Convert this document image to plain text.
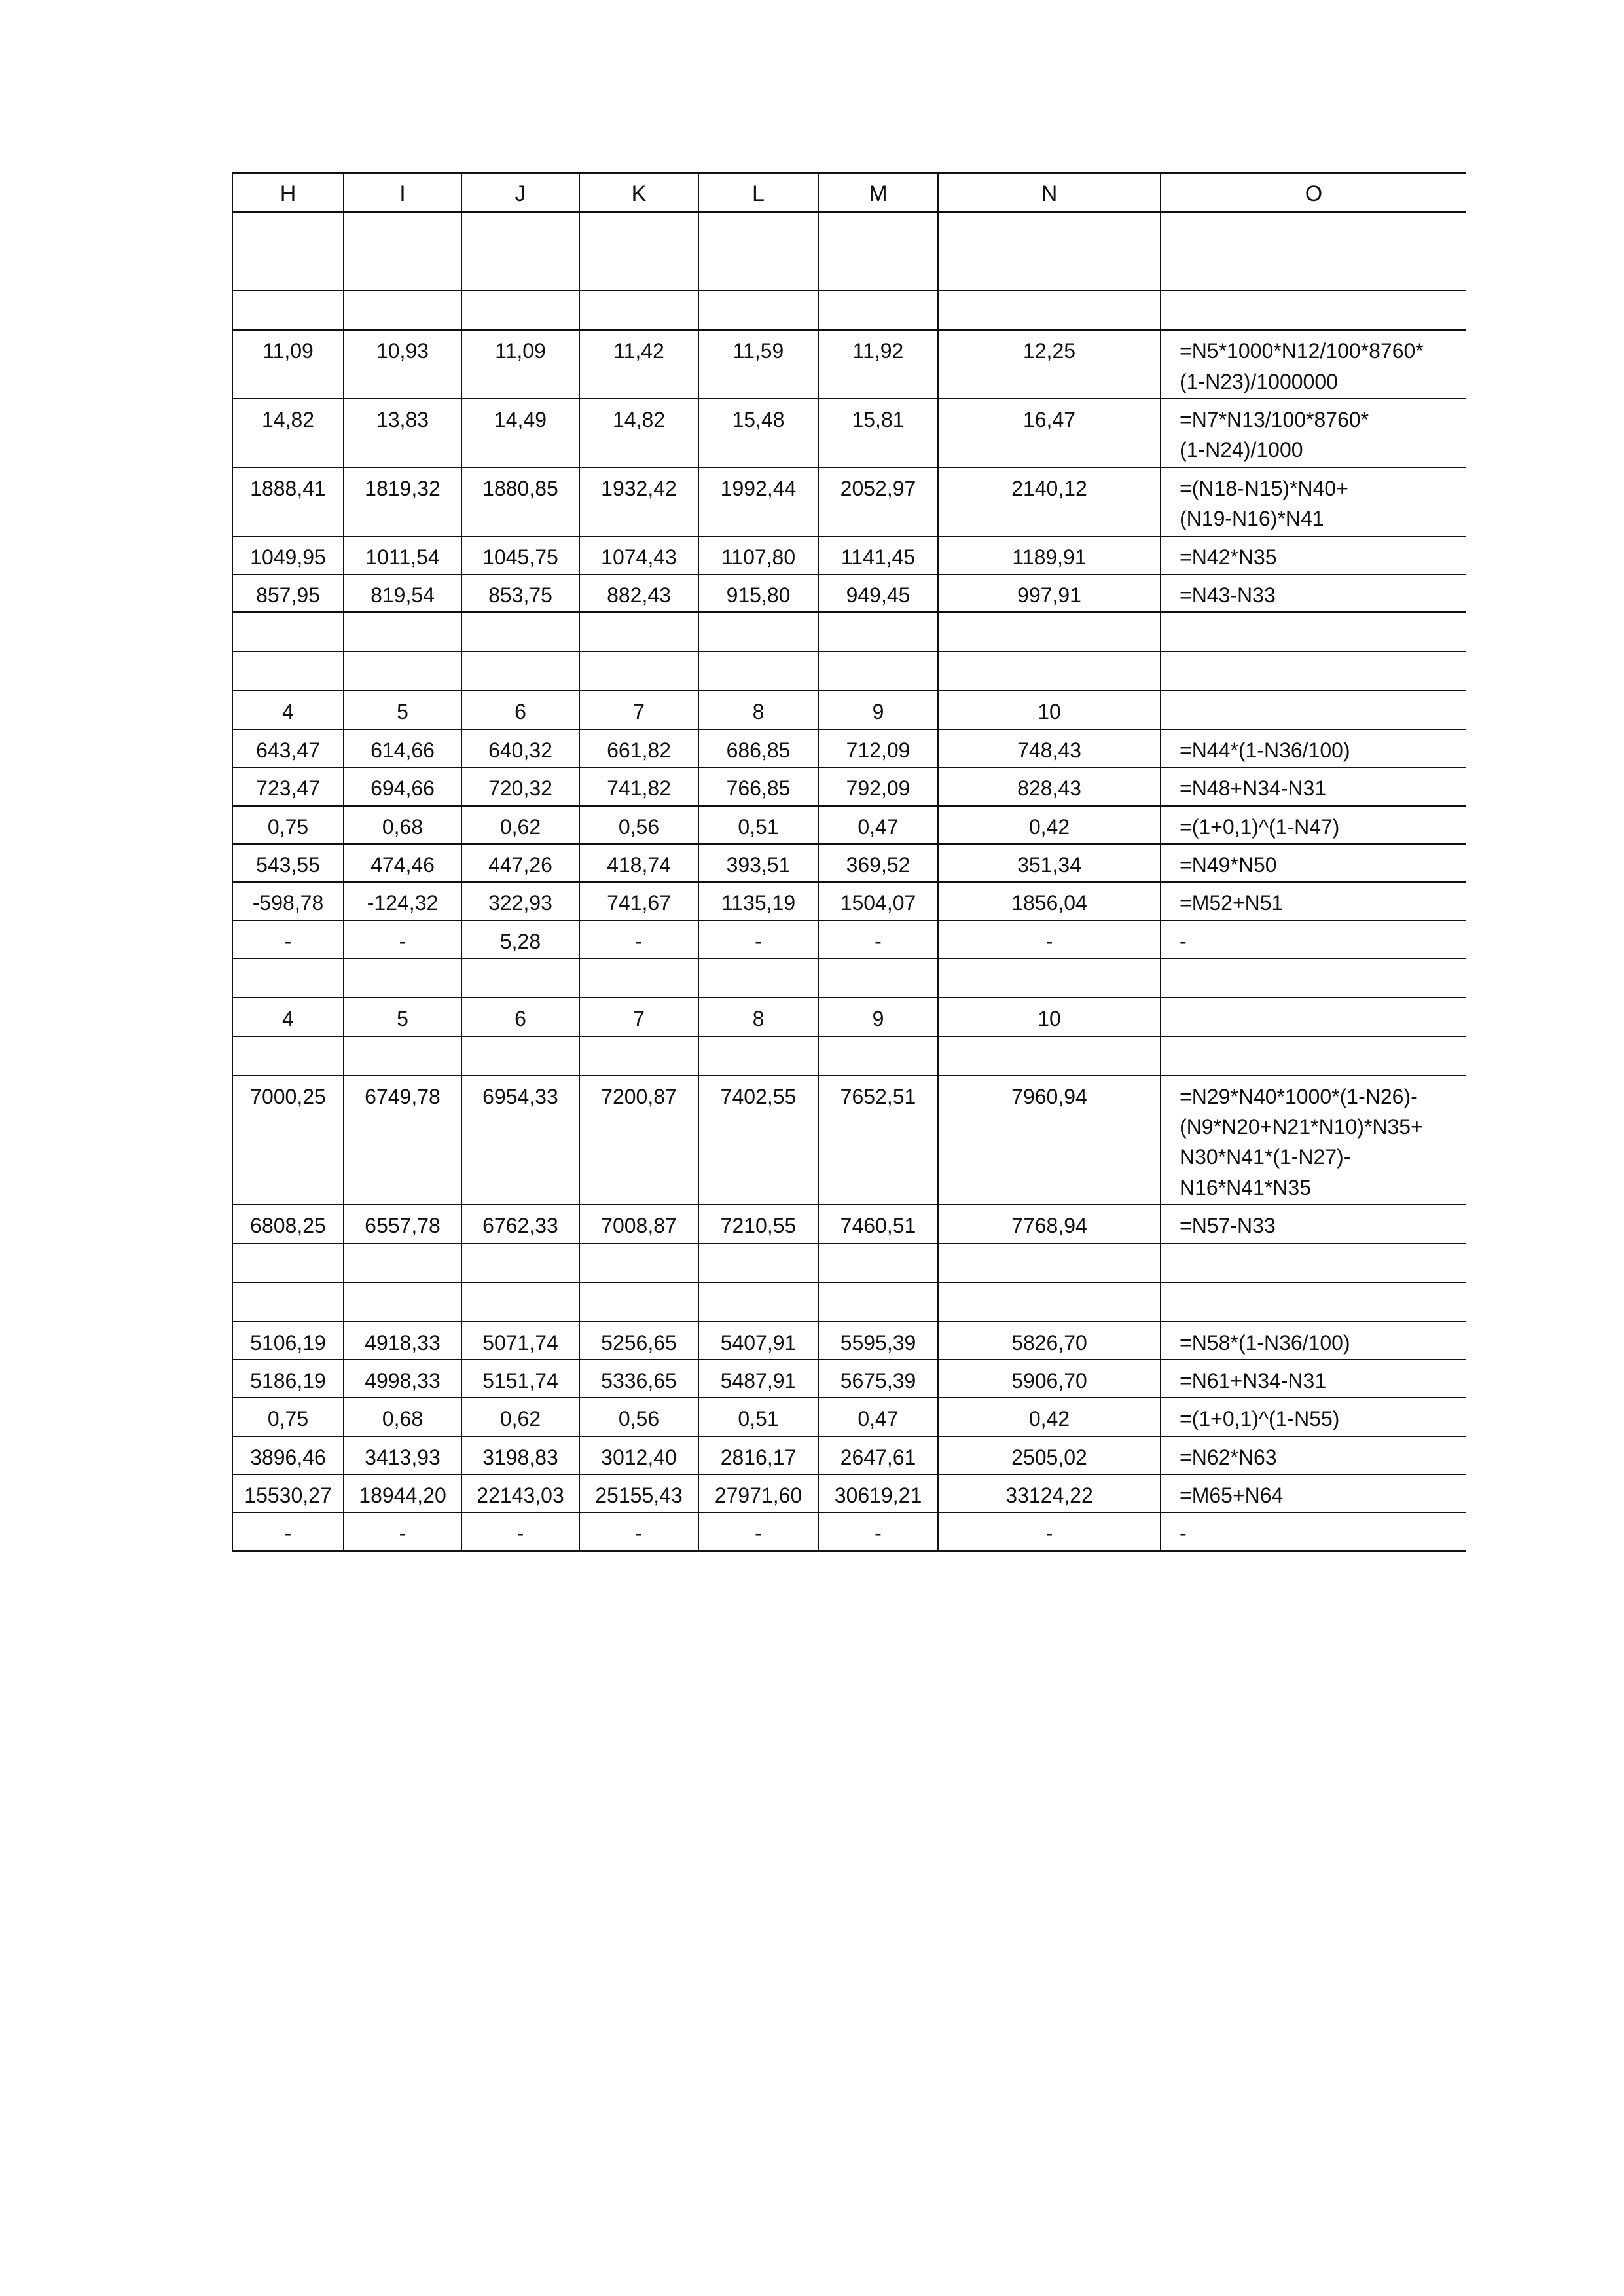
H	I	J	K	L	M	N	O

11,09	10,93	11,09	11,42	11,59	11,92	12,25	=N5*1000*N12/100*8760*
(1-N23)/1000000

14,82	13,83	14,49	14,82	15,48	15,81	16,47	=N7*N13/100*8760*
(1-N24)/1000

1888,41	1819,32	1880,85	1932,42	1992,44	2052,97	2140,12	=(N18-N15)*N40+
(N19-N16)*N41

1049,95	1011,54	1045,75	1074,43	1107,80	1141,45	1189,91	=N42*N35
857,95	819,54	853,75	882,43	915,80	949,45	997,91	=N43-N33

4	5	6	7	8	9	10	
643,47	614,66	640,32	661,82	686,85	712,09	748,43	=N44*(1-N36/100)
723,47	694,66	720,32	741,82	766,85	792,09	828,43	=N48+N34-N31
0,75	0,68	0,62	0,56	0,51	0,47	0,42	=(1+0,1)^(1-N47)
543,55	474,46	447,26	418,74	393,51	369,52	351,34	=N49*N50
-598,78	-124,32	322,93	741,67	1135,19	1504,07	1856,04	=M52+N51
-	-	5,28	-	-	-	-	-

4	5	6	7	8	9	10	

7000,25	6749,78	6954,33	7200,87	7402,55	7652,51	7960,94	=N29*N40*1000*(1-N26)-
(N9*N20+N21*N10)*N35+
N30*N41*(1-N27)-
N16*N41*N35

6808,25	6557,78	6762,33	7008,87	7210,55	7460,51	7768,94	=N57-N33

5106,19	4918,33	5071,74	5256,65	5407,91	5595,39	5826,70	=N58*(1-N36/100)
5186,19	4998,33	5151,74	5336,65	5487,91	5675,39	5906,70	=N61+N34-N31
0,75	0,68	0,62	0,56	0,51	0,47	0,42	=(1+0,1)^(1-N55)
3896,46	3413,93	3198,83	3012,40	2816,17	2647,61	2505,02	=N62*N63
15530,27	18944,20	22143,03	25155,43	27971,60	30619,21	33124,22	=M65+N64
-	-	-	-	-	-	-	-
